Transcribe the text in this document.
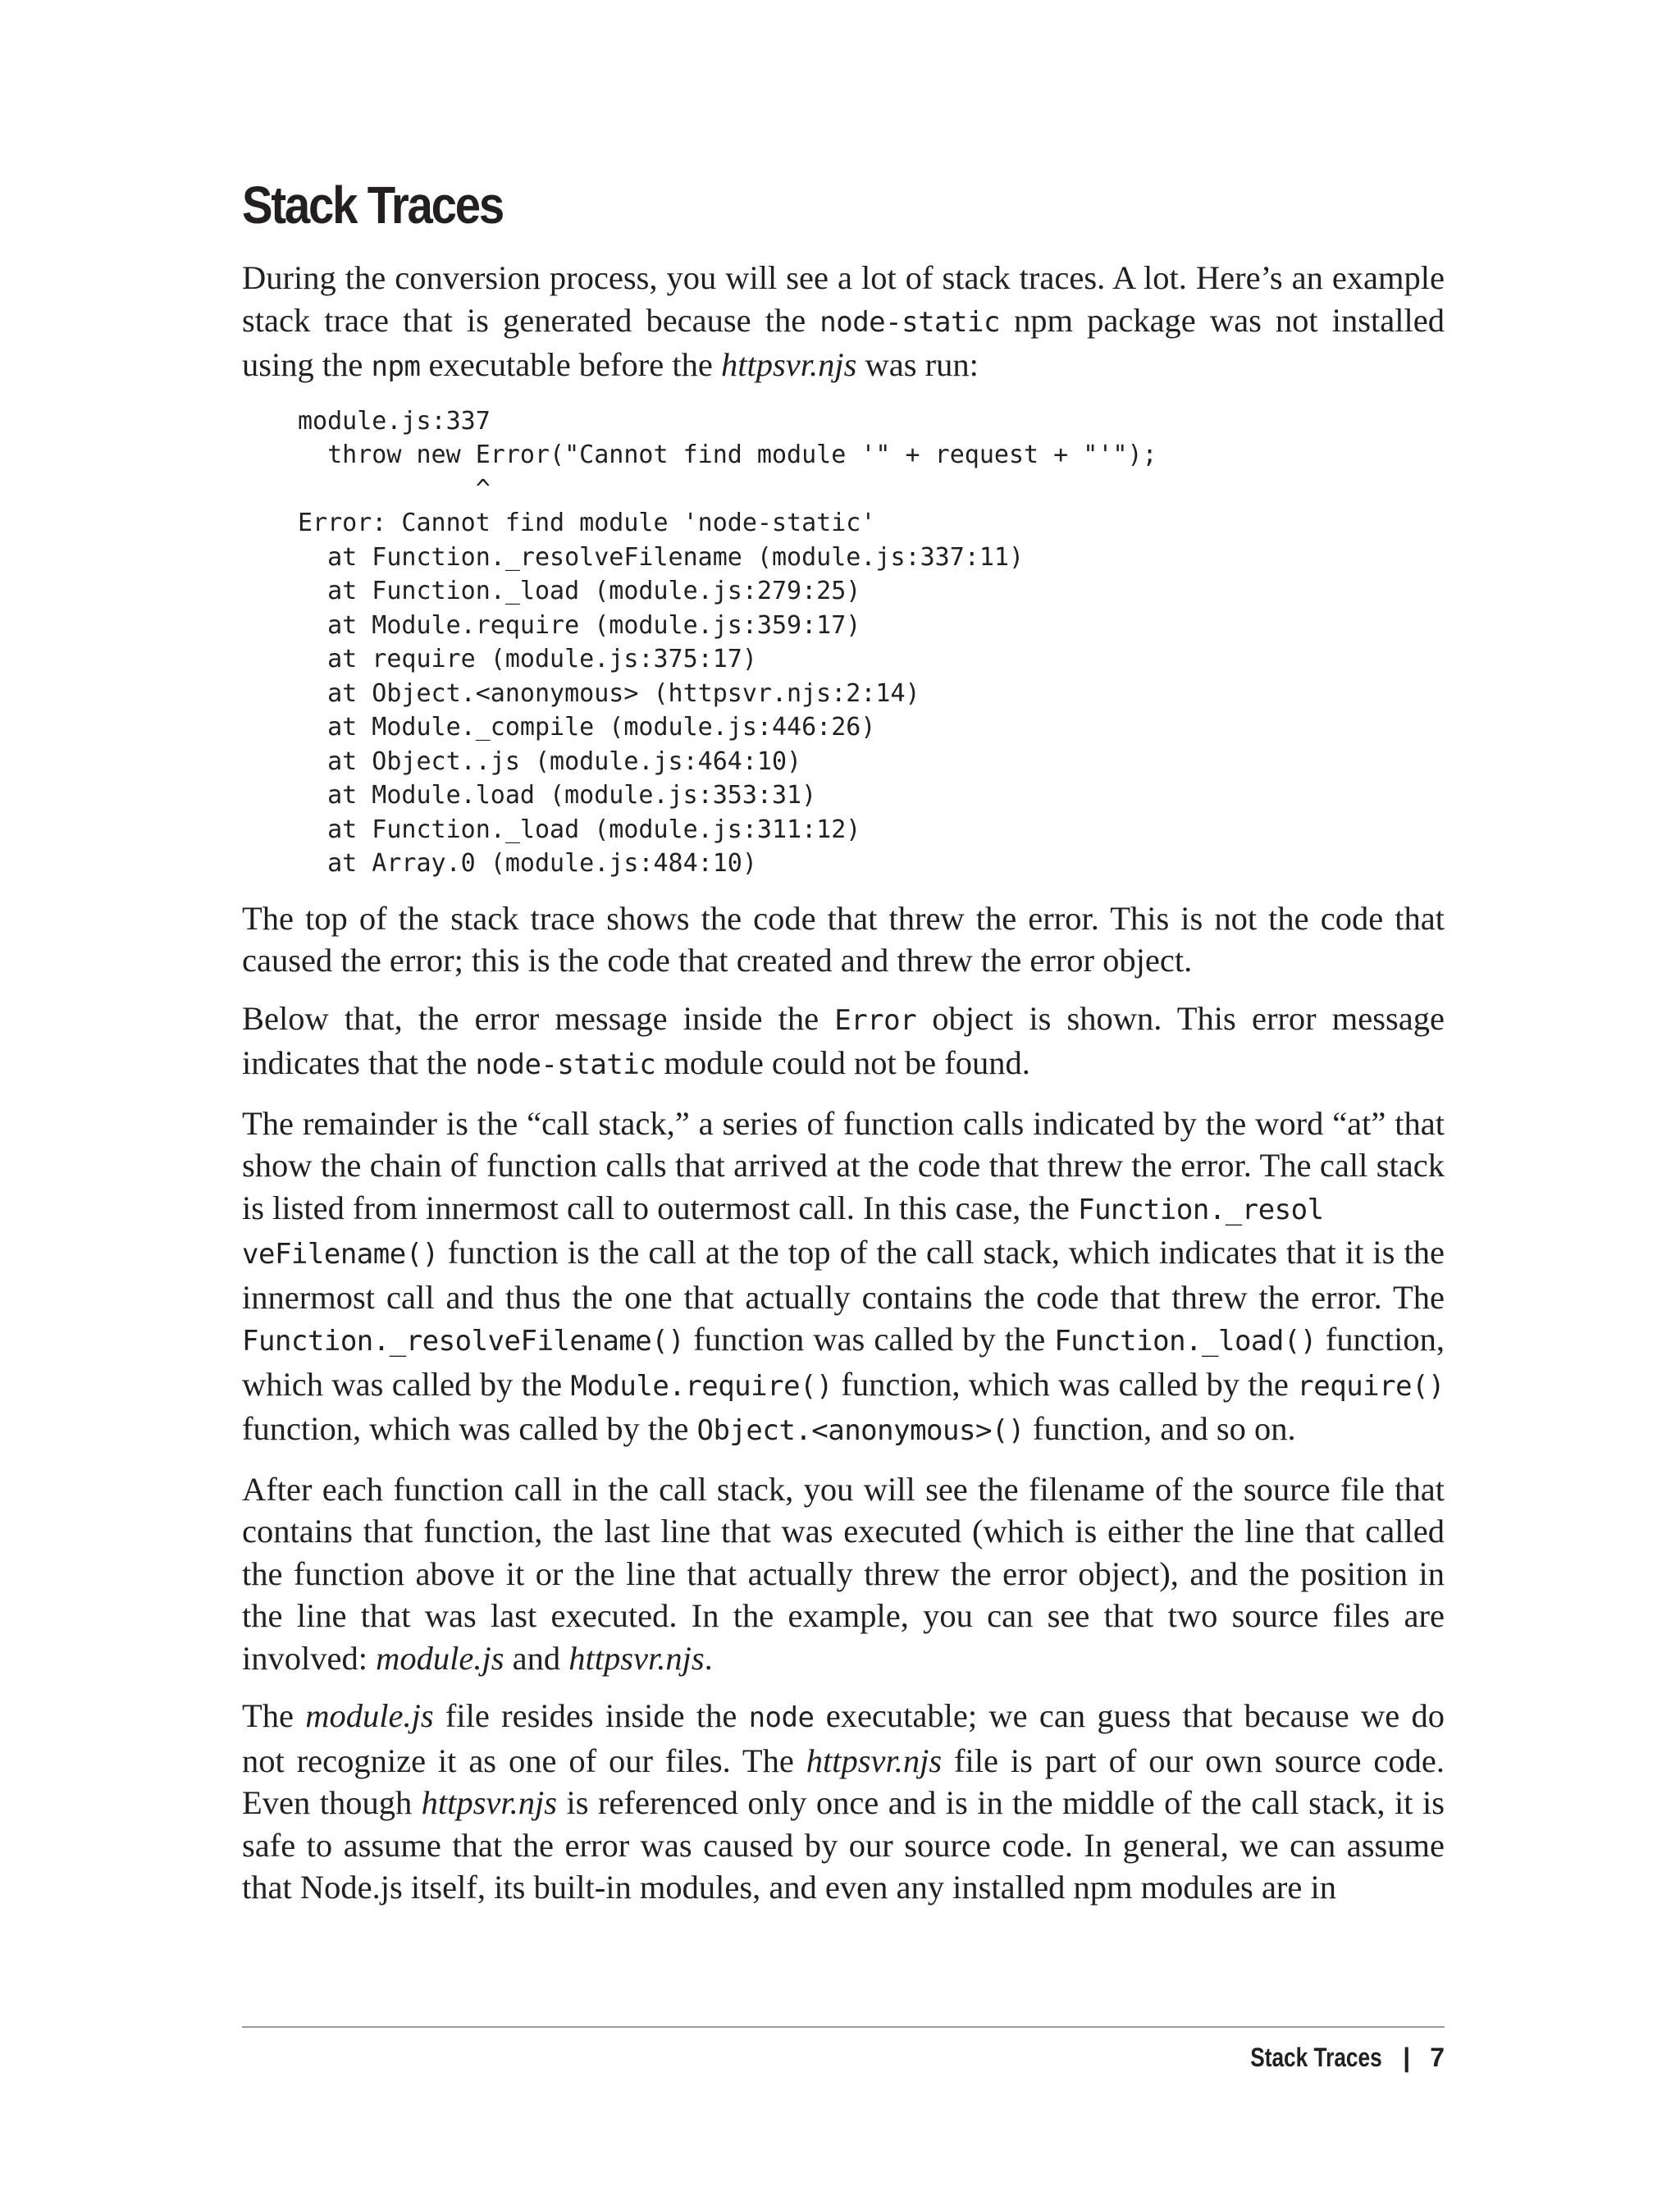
Stack Traces

During the conversion process, you will see a lot of stack traces. A lot. Here’s an example stack trace that is generated because the node-static npm package was not installed using the npm executable before the httpsvr.njs was run:

module.js:337
throw new Error("Cannot find module '" + request + "'");
^
Error: Cannot find module 'node-static'
at Function._resolveFilename (module.js:337:11)
at Function._load (module.js:279:25)
at Module.require (module.js:359:17)
at require (module.js:375:17)
at Object.<anonymous> (httpsvr.njs:2:14)
at Module._compile (module.js:446:26)
at Object..js (module.js:464:10)
at Module.load (module.js:353:31)
at Function._load (module.js:311:12)
at Array.0 (module.js:484:10)

The top of the stack trace shows the code that threw the error. This is not the code that caused the error; this is the code that created and threw the error object.

Below that, the error message inside the Error object is shown. This error message indicates that the node-static module could not be found.

The remainder is the “call stack,” a series of function calls indicated by the word “at” that show the chain of function calls that arrived at the code that threw the error. The call stack is listed from innermost call to outermost call. In this case, the Function._resol
veFilename() function is the call at the top of the call stack, which indicates that it is the innermost call and thus the one that actually contains the code that threw the error. The Function._resolveFilename() function was called by the Function._load() function, which was called by the Module.require() function, which was called by the require() function, which was called by the Object.<anonymous>() function, and so on.

After each function call in the call stack, you will see the filename of the source file that contains that function, the last line that was executed (which is either the line that called the function above it or the line that actually threw the error object), and the position in the line that was last executed. In the example, you can see that two source files are involved: module.js and httpsvr.njs.

The module.js file resides inside the node executable; we can guess that because we do not recognize it as one of our files. The httpsvr.njs file is part of our own source code. Even though httpsvr.njs is referenced only once and is in the middle of the call stack, it is safe to assume that the error was caused by our source code. In general, we can assume that Node.js itself, its built-in modules, and even any installed npm modules are in

Stack Traces | 7
